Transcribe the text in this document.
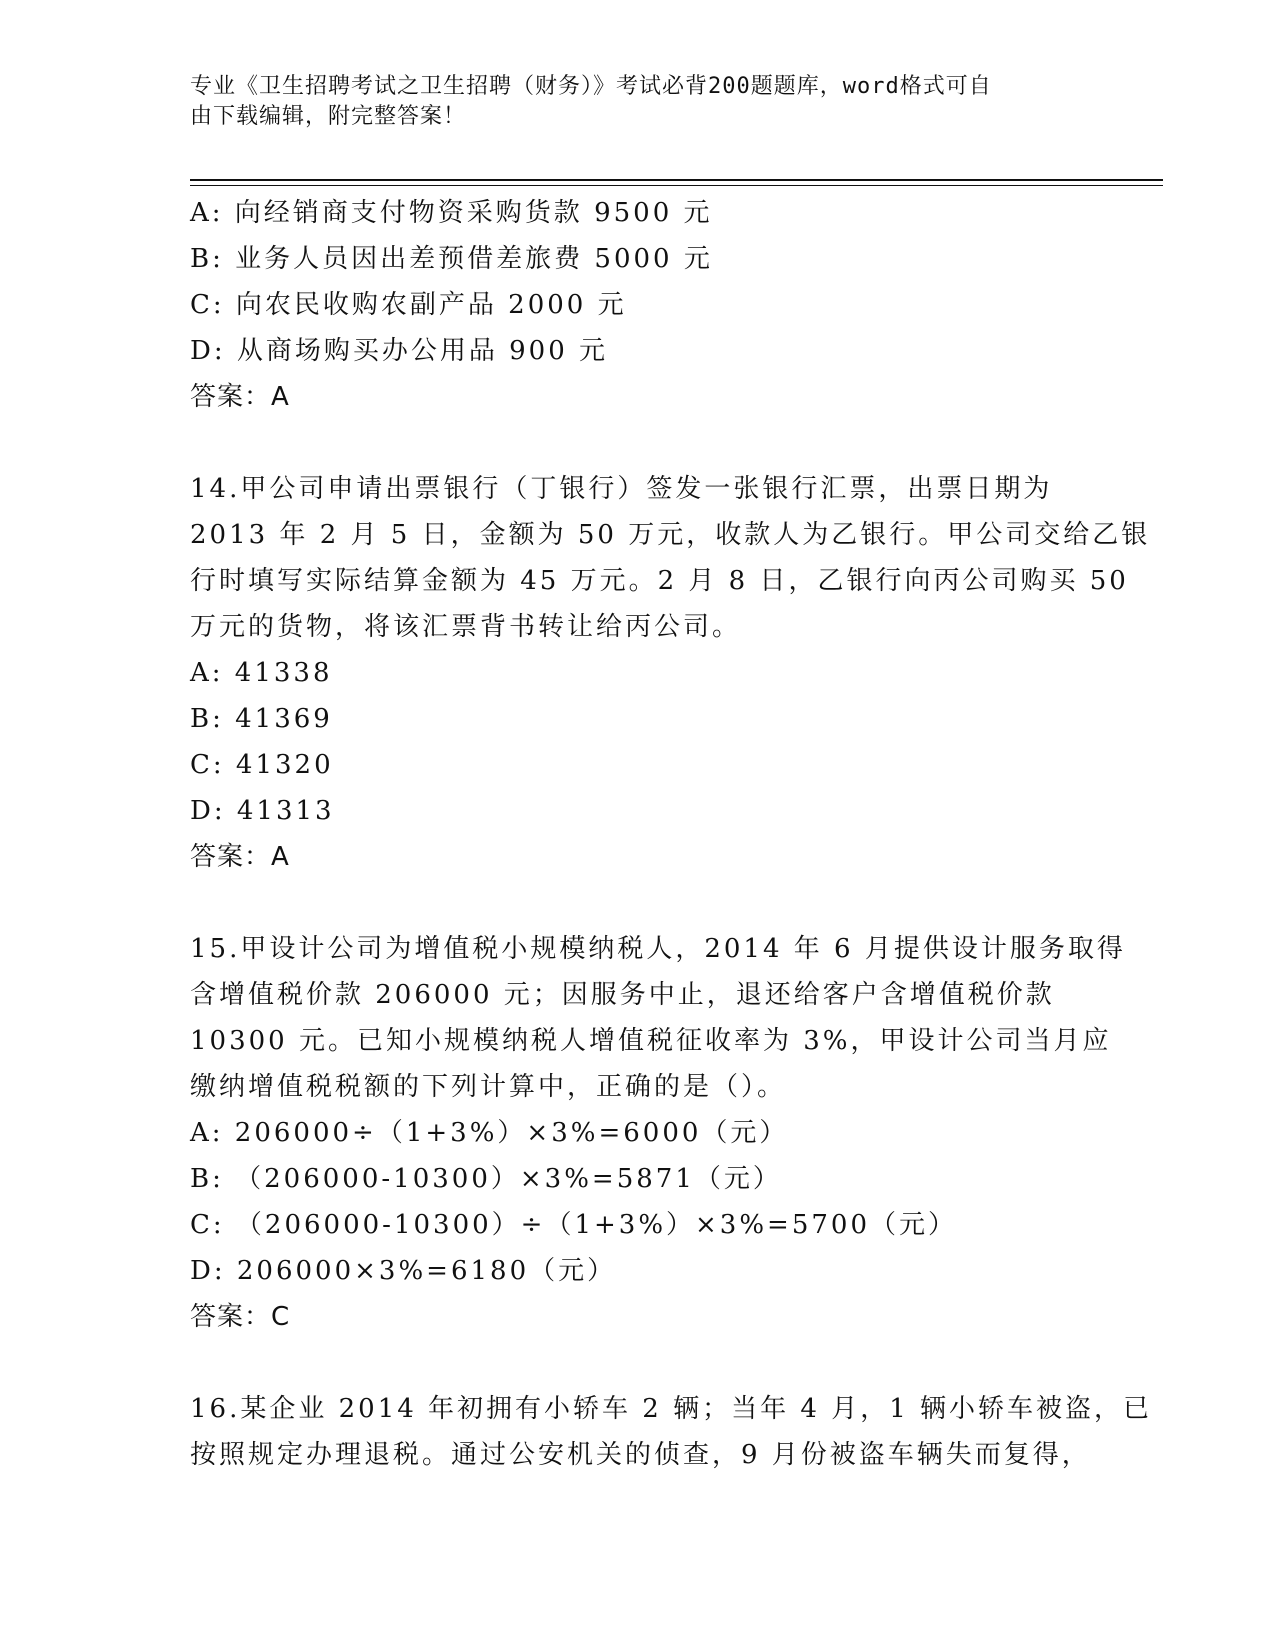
专业《卫生招聘考试之卫生招聘（财务）》考试必背200题题库，word格式可自
由下载编辑，附完整答案！
A: 向经销商支付物资采购货款 9500 元
B: 业务人员因出差预借差旅费 5000 元
C: 向农民收购农副产品 2000 元
D: 从商场购买办公用品 900 元
答案：A
14.甲公司申请出票银行（丁银行）签发一张银行汇票，出票日期为
2013 年 2 月 5 日，金额为 50 万元，收款人为乙银行。甲公司交给乙银
行时填写实际结算金额为 45 万元。2 月 8 日，乙银行向丙公司购买 50
万元的货物，将该汇票背书转让给丙公司。
A: 41338
B: 41369
C: 41320
D: 41313
答案：A
15.甲设计公司为增值税小规模纳税人，2014 年 6 月提供设计服务取得
含增值税价款 206000 元；因服务中止，退还给客户含增值税价款
10300 元。已知小规模纳税人增值税征收率为 3%，甲设计公司当月应
缴纳增值税税额的下列计算中，正确的是（）。
A: 206000÷（1+3%）×3%=6000（元）
B: （206000-10300）×3%=5871（元）
C: （206000-10300）÷（1+3%）×3%=5700（元）
D: 206000×3%=6180（元）
答案：C
16.某企业 2014 年初拥有小轿车 2 辆；当年 4 月，1 辆小轿车被盗，已
按照规定办理退税。通过公安机关的侦查，9 月份被盗车辆失而复得，
